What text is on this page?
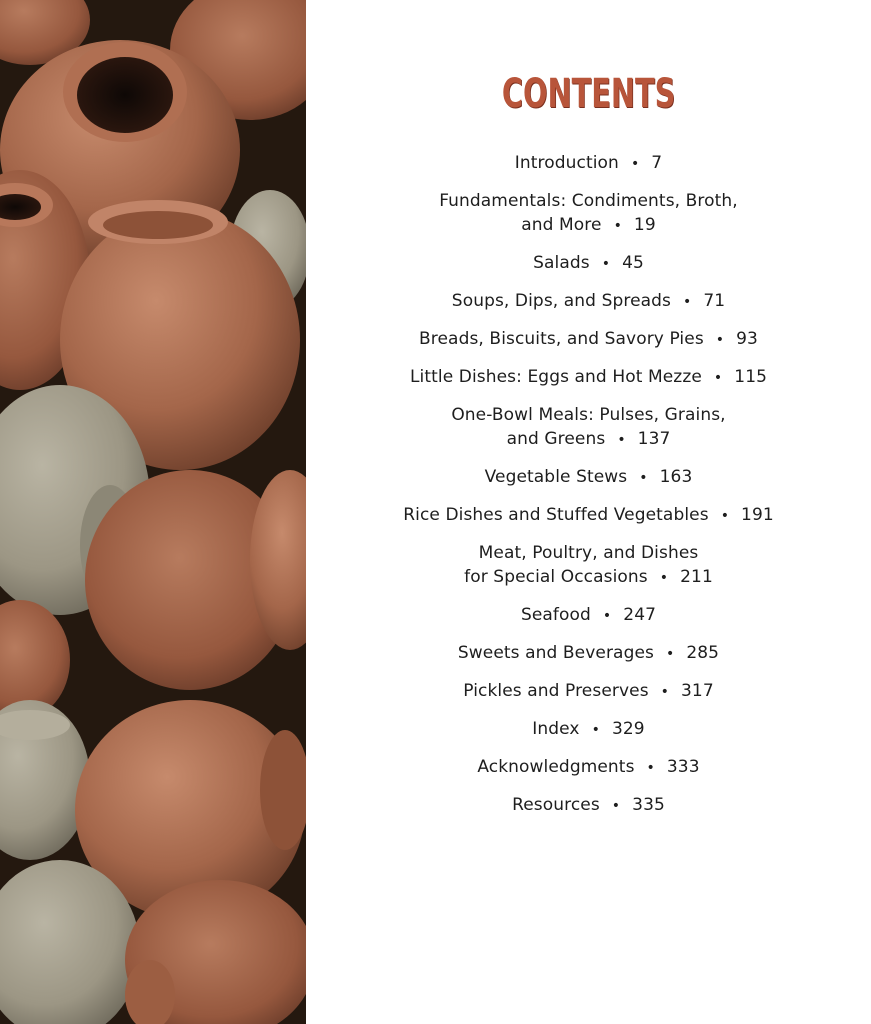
CONTENTS
Introduction • 7
Fundamentals: Condiments, Broth,
and More • 19
Salads • 45
Soups, Dips, and Spreads • 71
Breads, Biscuits, and Savory Pies • 93
Little Dishes: Eggs and Hot Mezze • 115
One-Bowl Meals: Pulses, Grains,
and Greens • 137
Vegetable Stews • 163
Rice Dishes and Stuffed Vegetables • 191
Meat, Poultry, and Dishes
for Special Occasions • 211
Seafood • 247
Sweets and Beverages • 285
Pickles and Preserves • 317
Index • 329
Acknowledgments • 333
Resources • 335
